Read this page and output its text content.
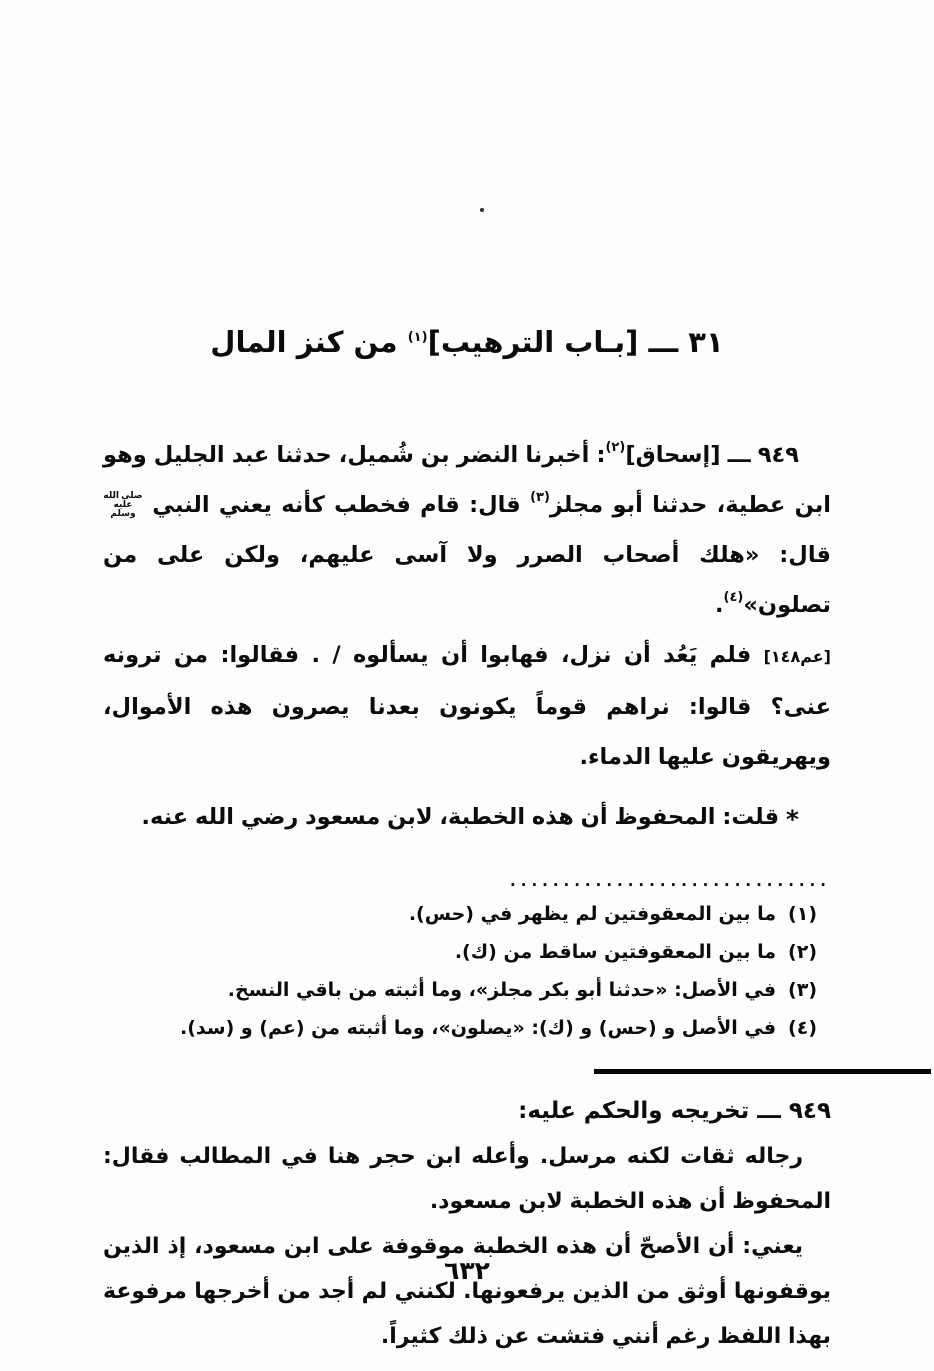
٣١ ـــ [بـاب الترهيب]$^{(١)}$ من كنز المال

٩٤٩ ـــ [إسحاق]$^{(٢)}$: أخبرنا النضر بن شُميل، حدثنا عبد الجليل وهو ابن عطية، حدثنا أبو مجلز$^{(٣)}$ قال: قام فخطب كأنه يعني النبي صلى الله عليه وسلم قال: «هلك أصحاب الصرر ولا آسى عليهم، ولكن على من تصلون»$^{(٤)}$.

[عم١٤٨] فلم يَعُد أن نزل، فهابوا أن يسألوه / . فقالوا: من ترونه عنى؟ قالوا: نراهم قوماً يكونون بعدنا يصرون هذه الأموال، ويهريقون عليها الدماء.

* قلت: المحفوظ أن هذه الخطبة، لابن مسعود رضي الله عنه.

..............................
(١)
ما بين المعقوفتين لم يظهر في (حس).
(٢)
ما بين المعقوفتين ساقط من (ك).
(٣)
في الأصل: «حدثنا أبو بكر مجلز»، وما أثبته من باقي النسخ.
(٤)
في الأصل و (حس) و (ك): «يصلون»، وما أثبته من (عم) و (سد).
٩٤٩ ـــ تخريجه والحكم عليه:

رجاله ثقات لكنه مرسل. وأعله ابن حجر هنا في المطالب فقال: المحفوظ أن هذه الخطبة لابن مسعود.

يعني: أن الأصحّ أن هذه الخطبة موقوفة على ابن مسعود، إذ الذين يوقفونها أوثق من الذين يرفعونها. لكنني لم أجد من أخرجها مرفوعة بهذا اللفظ رغم أنني فتشت عن ذلك كثيراً.

٦٣٢
